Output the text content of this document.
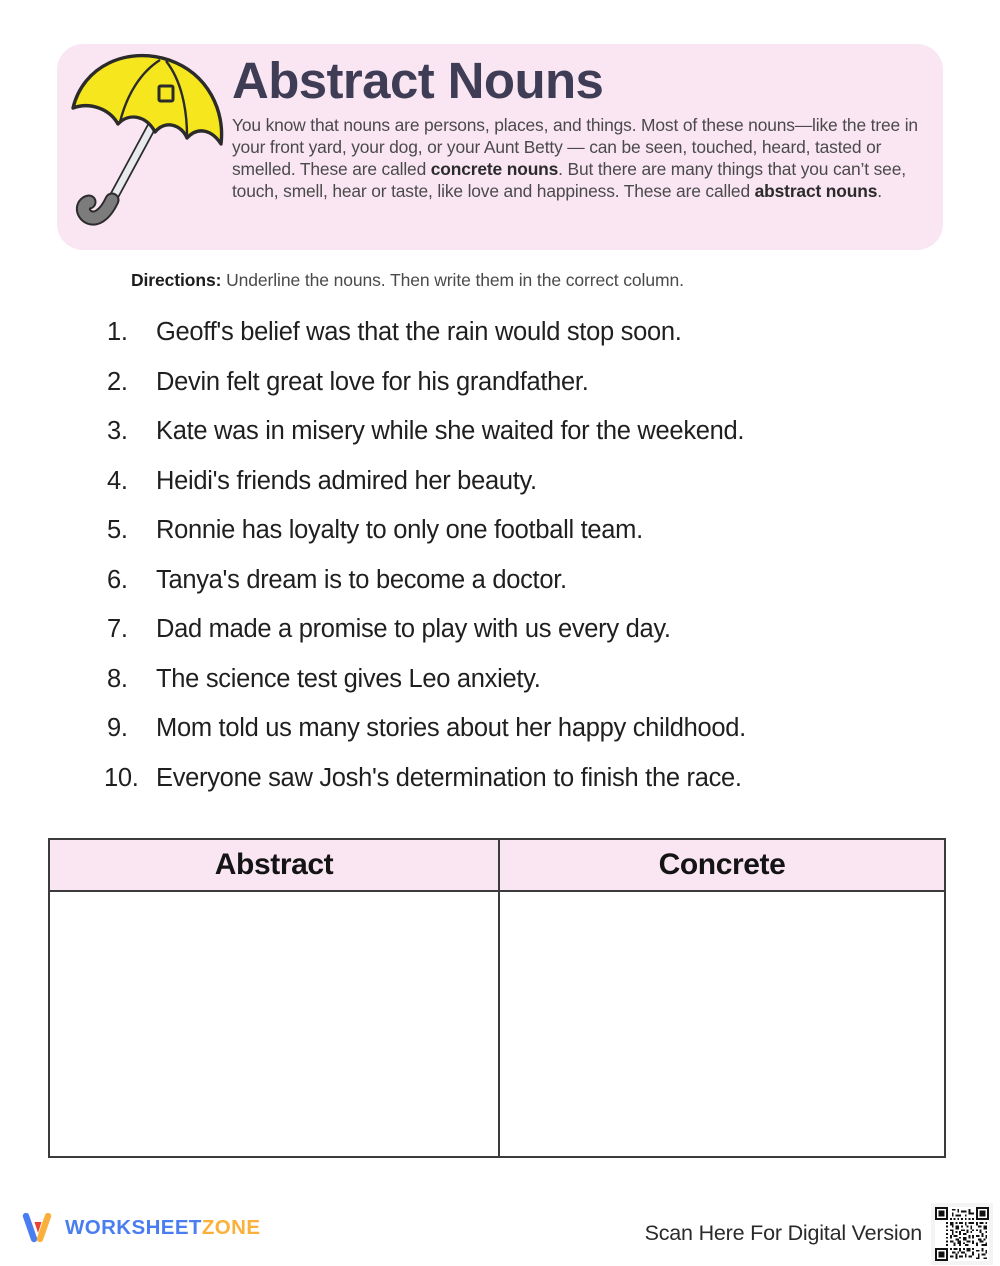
Abstract Nouns
You know that nouns are persons, places, and things. Most of these nouns—like the tree in your front yard, your dog, or your Aunt Betty — can be seen, touched, heard, tasted or smelled. These are called concrete nouns. But there are many things that you can’t see, touch, smell, hear or taste, like love and happiness. These are called abstract nouns.
Directions: Underline the nouns. Then write them in the correct column.
1.	Geoff's belief was that the rain would stop soon.
2.	Devin felt great love for his grandfather.
3.	Kate was in misery while she waited for the weekend.
4.	Heidi's friends admired her beauty.
5.	Ronnie has loyalty to only one football team.
6.	Tanya's dream is to become a doctor.
7.	Dad made a promise to play with us every day.
8.	The science test gives Leo anxiety.
9.	Mom told us many stories about her happy childhood.
10. Everyone saw Josh's determination to finish the race.
Abstract	Concrete
WORKSHEETZONE	Scan Here For Digital Version
